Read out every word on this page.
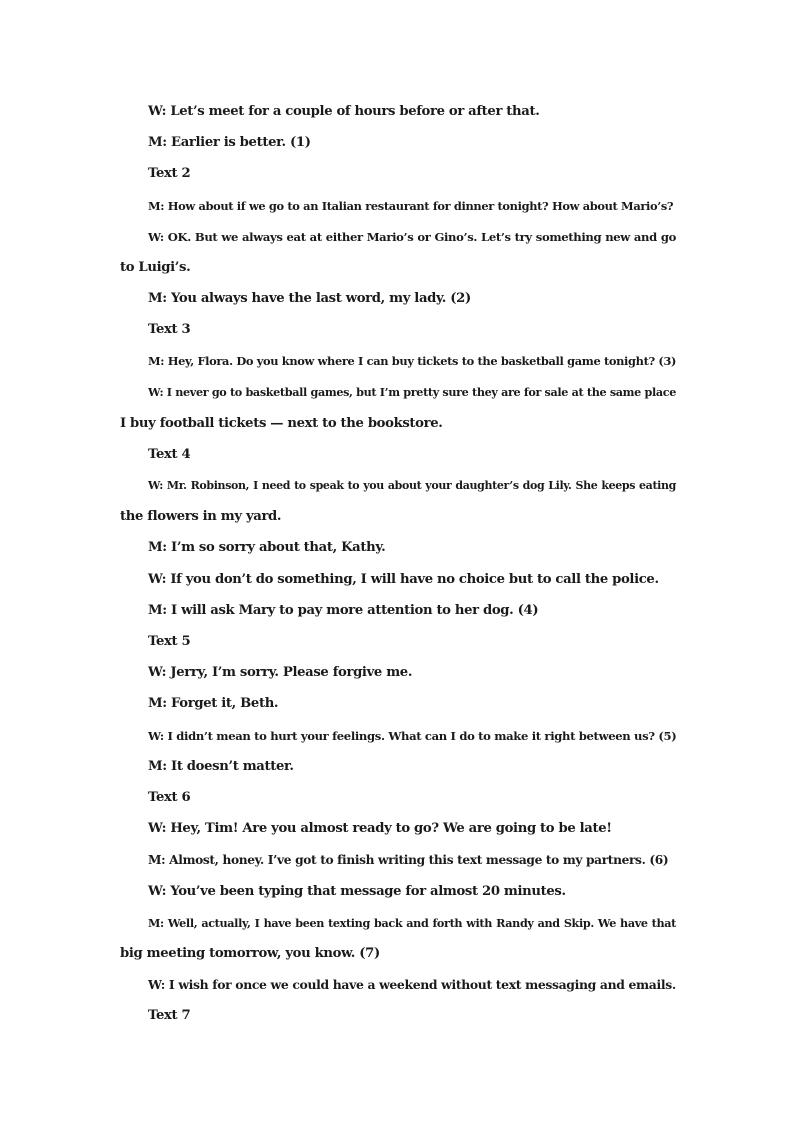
W: Let’s meet for a couple of hours before or after that.
M: Earlier is better. (1)
Text 2
M: How about if we go to an Italian restaurant for dinner tonight? How about Mario’s?
W: OK. But we always eat at either Mario’s or Gino’s. Let’s try something new and go
to Luigi’s.
M: You always have the last word, my lady. (2)
Text 3
M: Hey, Flora. Do you know where I can buy tickets to the basketball game tonight? (3)
W: I never go to basketball games, but I’m pretty sure they are for sale at the same place
I buy football tickets — next to the bookstore.
Text 4
W: Mr. Robinson, I need to speak to you about your daughter’s dog Lily. She keeps eating
the flowers in my yard.
M: I’m so sorry about that, Kathy.
W: If you don’t do something, I will have no choice but to call the police.
M: I will ask Mary to pay more attention to her dog. (4)
Text 5
W: Jerry, I’m sorry. Please forgive me.
M: Forget it, Beth.
W: I didn’t mean to hurt your feelings. What can I do to make it right between us? (5)
M: It doesn’t matter.
Text 6
W: Hey, Tim! Are you almost ready to go? We are going to be late!
M: Almost, honey. I’ve got to finish writing this text message to my partners. (6)
W: You’ve been typing that message for almost 20 minutes.
M: Well, actually, I have been texting back and forth with Randy and Skip. We have that
big meeting tomorrow, you know. (7)
W: I wish for once we could have a weekend without text messaging and emails.
Text 7
